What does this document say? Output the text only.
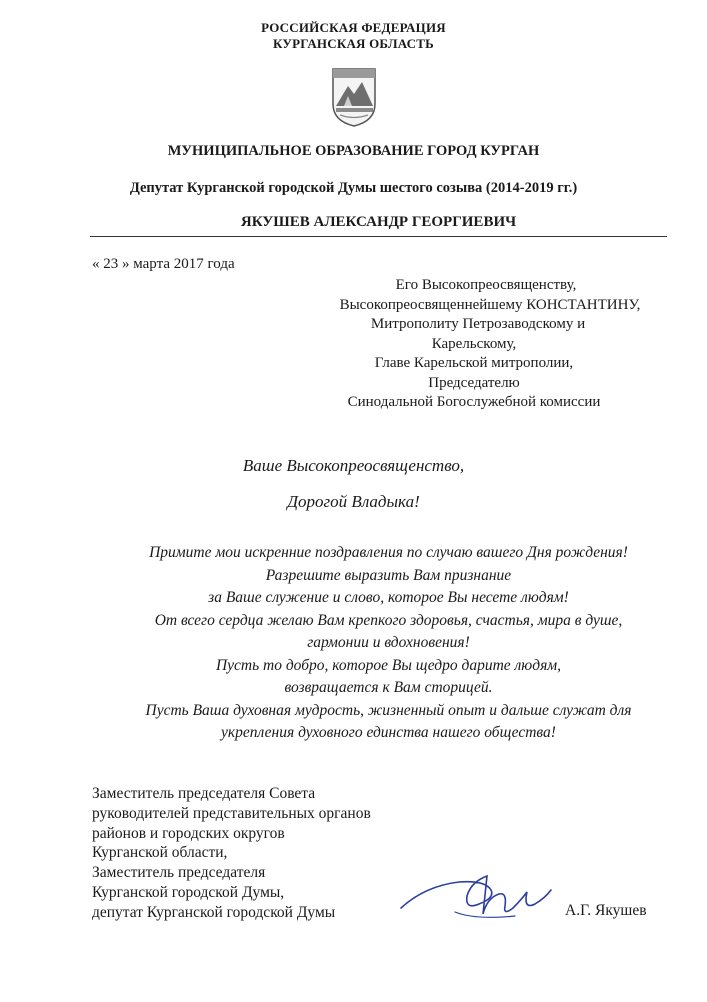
РОССИЙСКАЯ ФЕДЕРАЦИЯ
КУРГАНСКАЯ ОБЛАСТЬ
МУНИЦИПАЛЬНОЕ ОБРАЗОВАНИЕ ГОРОД КУРГАН
Депутат Курганской городской Думы шестого созыва (2014-2019 гг.)
ЯКУШЕВ АЛЕКСАНДР ГЕОРГИЕВИЧ
« 23 » марта 2017 года
Его Высокопреосвященству,
Высокопреосвященнейшему КОНСТАНТИНУ,
Митрополиту Петрозаводскому и
Карельскому,
Главе Карельской митрополии,
Председателю
Синодальной Богослужебной комиссии
Ваше Высокопреосвященство,
Дорогой Владыка!
Примите мои искренние поздравления по случаю вашего Дня рождения!
Разрешите выразить Вам признание
за Ваше служение и слово, которое Вы несете людям!
От всего сердца желаю Вам крепкого здоровья, счастья, мира в душе,
гармонии и вдохновения!
Пусть то добро, которое Вы щедро дарите людям,
возвращается к Вам сторицей.
Пусть Ваша духовная мудрость, жизненный опыт и дальше служат для
укрепления духовного единства нашего общества!
Заместитель председателя Совета
руководителей представительных органов
районов и городских округов
Курганской области,
Заместитель председателя
Курганской городской Думы,
депутат Курганской городской Думы	А.Г. Якушев
